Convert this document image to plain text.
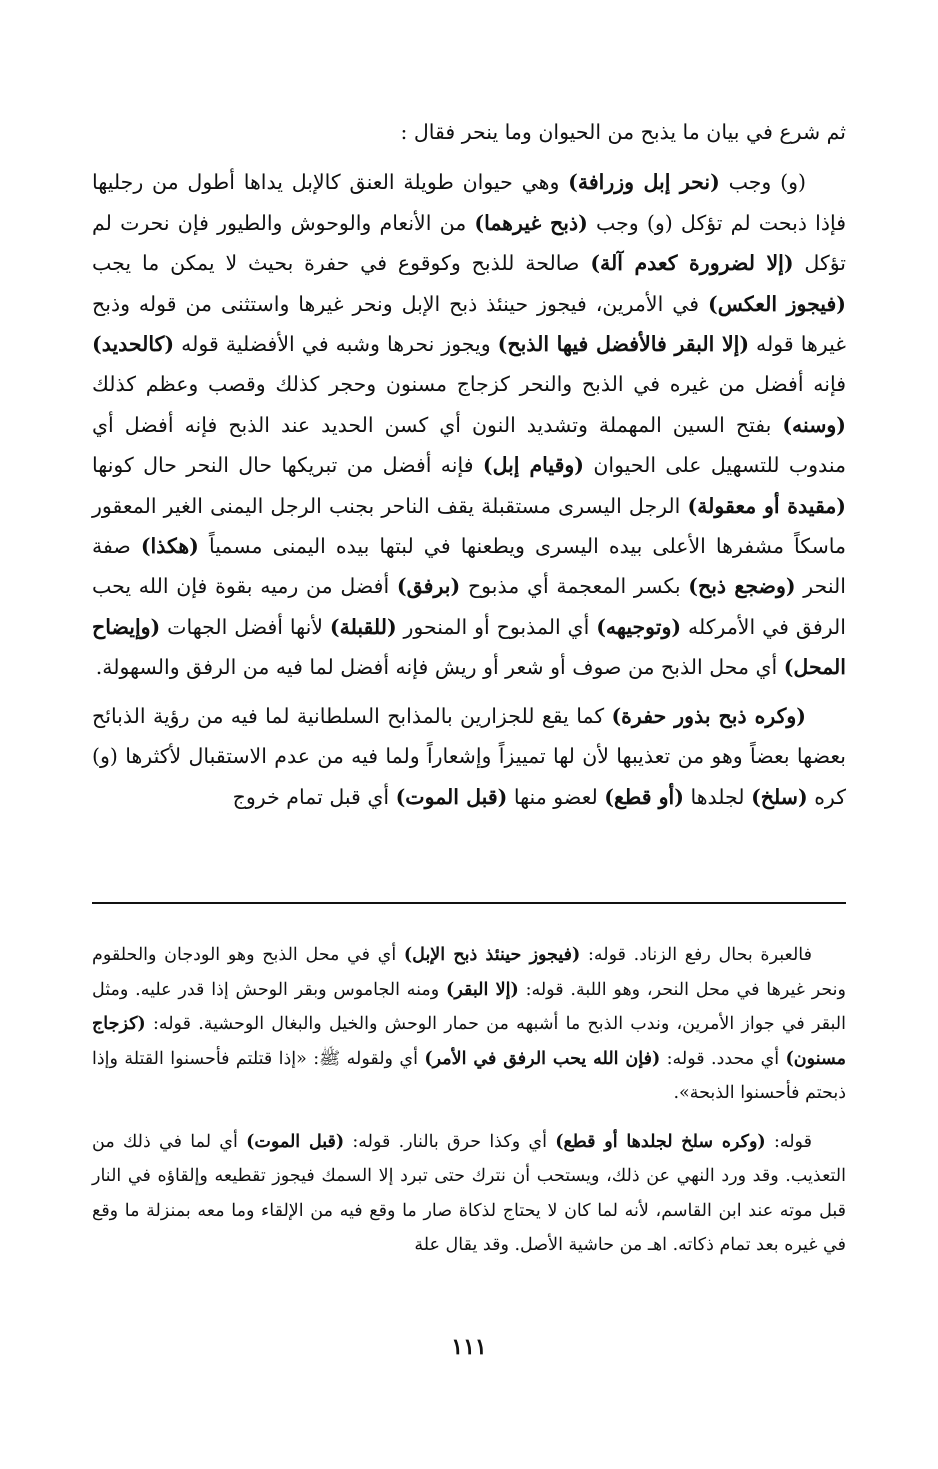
ثم شرع في بيان ما يذبح من الحيوان وما ينحر فقال :

(و) وجب (نحر إبل وزرافة) وهي حيوان طويلة العنق كالإبل يداها أطول من رجليها فإذا ذبحت لم تؤكل (و) وجب (ذبح غيرهما) من الأنعام والوحوش والطيور فإن نحرت لم تؤكل (إلا لضرورة كعدم آلة) صالحة للذبح وكوقوع في حفرة بحيث لا يمكن ما يجب (فيجوز العكس) في الأمرين، فيجوز حينئذ ذبح الإبل ونحر غيرها واستثنى من قوله وذبح غيرها قوله (إلا البقر فالأفضل فيها الذبح) ويجوز نحرها وشبه في الأفضلية قوله (كالحديد) فإنه أفضل من غيره في الذبح والنحر كزجاج مسنون وحجر كذلك وقصب وعظم كذلك (وسنه) بفتح السين المهملة وتشديد النون أي كسن الحديد عند الذبح فإنه أفضل أي مندوب للتسهيل على الحيوان (وقيام إبل) فإنه أفضل من تبريكها حال النحر حال كونها (مقيدة أو معقولة) الرجل اليسرى مستقبلة يقف الناحر بجنب الرجل اليمنى الغير المعقور ماسكاً مشفرها الأعلى بيده اليسرى ويطعنها في لبتها بيده اليمنى مسمياً (هكذا) صفة النحر (وضجع ذبح) بكسر المعجمة أي مذبوح (برفق) أفضل من رميه بقوة فإن الله يحب الرفق في الأمركله (وتوجيهه) أي المذبوح أو المنحور (للقبلة) لأنها أفضل الجهات (وإيضاح المحل) أي محل الذبح من صوف أو شعر أو ريش فإنه أفضل لما فيه من الرفق والسهولة.

(وكره ذبح بذور حفرة) كما يقع للجزارين بالمذابح السلطانية لما فيه من رؤية الذبائح بعضها بعضاً وهو من تعذيبها لأن لها تمييزاً وإشعاراً ولما فيه من عدم الاستقبال لأكثرها (و) كره (سلخ) لجلدها (أو قطع) لعضو منها (قبل الموت) أي قبل تمام خروج

فالعبرة بحال رفع الزناد. قوله: (فيجوز حينئذ ذبح الإبل) أي في محل الذبح وهو الودجان والحلقوم ونحر غيرها في محل النحر، وهو اللبة. قوله: (إلا البقر) ومنه الجاموس وبقر الوحش إذا قدر عليه. ومثل البقر في جواز الأمرين، وندب الذبح ما أشبهه من حمار الوحش والخيل والبغال الوحشية. قوله: (كزجاج مسنون) أي محدد. قوله: (فإن الله يحب الرفق في الأمر) أي ولقوله ﷺ: «إذا قتلتم فأحسنوا القتلة وإذا ذبحتم فأحسنوا الذبحة».

قوله: (وكره سلخ لجلدها أو قطع) أي وكذا حرق بالنار. قوله: (قبل الموت) أي لما في ذلك من التعذيب. وقد ورد النهي عن ذلك، ويستحب أن نترك حتى تبرد إلا السمك فيجوز تقطيعه وإلقاؤه في النار قبل موته عند ابن القاسم، لأنه لما كان لا يحتاج لذكاة صار ما وقع فيه من الإلقاء وما معه بمنزلة ما وقع في غيره بعد تمام ذكاته. اهـ من حاشية الأصل. وقد يقال علة

١١١
